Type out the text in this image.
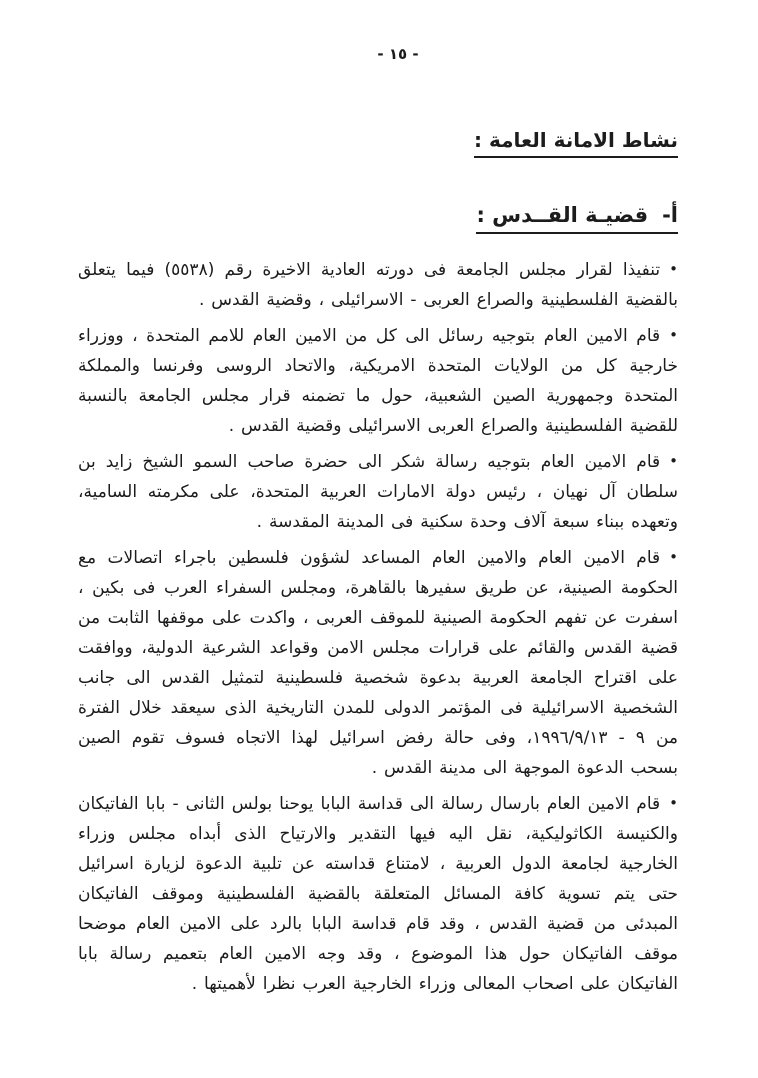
- ١٥ -
نشاط الامانة العامة :
أ-قضيـة القــدس :

•تنفيذا لقرار مجلس الجامعة فى دورته العادية الاخيرة رقم (٥٥٣٨) فيما يتعلق بالقضية الفلسطينية والصراع العربى - الاسرائيلى ، وقضية القدس .

•قام الامين العام بتوجيه رسائل الى كل من الامين العام للامم المتحدة ، ووزراء خارجية كل من الولايات المتحدة الامريكية، والاتحاد الروسى وفرنسا والمملكة المتحدة وجمهورية الصين الشعبية، حول ما تضمنه قرار مجلس الجامعة بالنسبة للقضية الفلسطينية والصراع العربى الاسرائيلى وقضية القدس .

•قام الامين العام بتوجيه رسالة شكر الى حضرة صاحب السمو الشيخ زايد بن سلطان آل نهيان ، رئيس دولة الامارات العربية المتحدة، على مكرمته السامية، وتعهده ببناء سبعة آلاف وحدة سكنية فى المدينة المقدسة .

•قام الامين العام والامين العام المساعد لشؤون فلسطين باجراء اتصالات مع الحكومة الصينية، عن طريق سفيرها بالقاهرة، ومجلس السفراء العرب فى بكين ، اسفرت عن تفهم الحكومة الصينية للموقف العربى ، واكدت على موقفها الثابت من قضية القدس والقائم على قرارات مجلس الامن وقواعد الشرعية الدولية، ووافقت على اقتراح الجامعة العربية بدعوة شخصية فلسطينية لتمثيل القدس الى جانب الشخصية الاسرائيلية فى المؤتمر الدولى للمدن التاريخية الذى سيعقد خلال الفترة من ٩ - ١٩٩٦/٩/١٣، وفى حالة رفض اسرائيل لهذا الاتجاه فسوف تقوم الصين بسحب الدعوة الموجهة الى مدينة القدس .

•قام الامين العام بارسال رسالة الى قداسة البابا يوحنا بولس الثانى - بابا الفاتيكان والكنيسة الكاثوليكية، نقل اليه فيها التقدير والارتياح الذى أبداه مجلس وزراء الخارجية لجامعة الدول العربية ، لامتناع قداسته عن تلبية الدعوة لزيارة اسرائيل حتى يتم تسوية كافة المسائل المتعلقة بالقضية الفلسطينية وموقف الفاتيكان المبدئى من قضية القدس ، وقد قام قداسة البابا بالرد على الامين العام موضحا موقف الفاتيكان حول هذا الموضوع ، وقد وجه الامين العام بتعميم رسالة بابا الفاتيكان على اصحاب المعالى وزراء الخارجية العرب نظرا لأهميتها .
